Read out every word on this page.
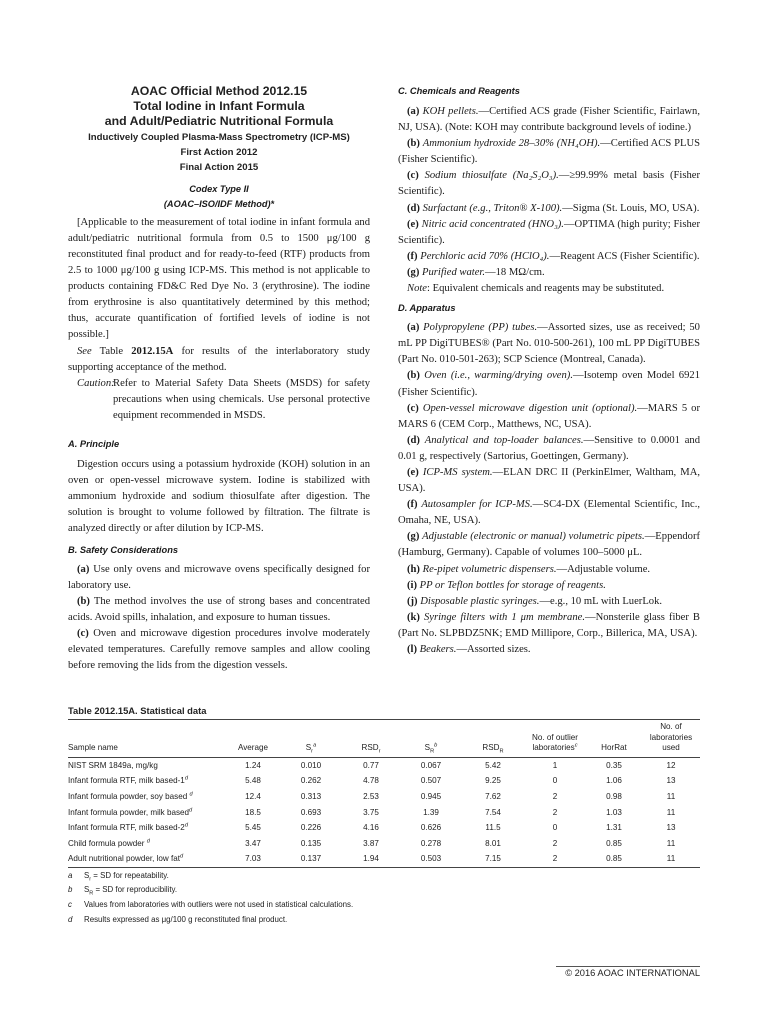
AOAC Official Method 2012.15
Total Iodine in Infant Formula
and Adult/Pediatric Nutritional Formula
Inductively Coupled Plasma-Mass Spectrometry (ICP-MS)
First Action 2012
Final Action 2015
Codex Type II
(AOAC–ISO/IDF Method)*

[Applicable to the measurement of total iodine in infant formula and adult/pediatric nutritional formula from 0.5 to 1500 μg/100 g reconstituted final product and for ready-to-feed (RTF) products from 2.5 to 1000 μg/100 g using ICP-MS. This method is not applicable to products containing FD&C Red Dye No. 3 (erythrosine). The iodine from erythrosine is also quantitatively determined by this method; thus, accurate quantification of fortified levels of iodine is not possible.]

See Table 2012.15A for results of the interlaboratory study supporting acceptance of the method.

Caution:
Refer to Material Safety Data Sheets (MSDS) for safety precautions when using chemicals. Use personal protective equipment recommended in MSDS.

A. Principle

Digestion occurs using a potassium hydroxide (KOH) solution in an oven or open-vessel microwave system. Iodine is stabilized with ammonium hydroxide and sodium thiosulfate after digestion. The solution is brought to volume followed by filtration. The filtrate is analyzed directly or after dilution by ICP-MS.

B. Safety Considerations

(a) Use only ovens and microwave ovens specifically designed for laboratory use.

(b) The method involves the use of strong bases and concentrated acids. Avoid spills, inhalation, and exposure to human tissues.

(c) Oven and microwave digestion procedures involve moderately elevated temperatures. Carefully remove samples and allow cooling before removing the lids from the digestion vessels.

C. Chemicals and Reagents

(a) KOH pellets.—Certified ACS grade (Fisher Scientific, Fairlawn, NJ, USA). (Note: KOH may contribute background levels of iodine.)

(b) Ammonium hydroxide 28–30% (NH₄OH).—Certified ACS PLUS (Fisher Scientific).

(c) Sodium thiosulfate (Na₂S₂O₃).—≥99.99% metal basis (Fisher Scientific).

(d) Surfactant (e.g., Triton® X-100).—Sigma (St. Louis, MO, USA).

(e) Nitric acid concentrated (HNO₃).—OPTIMA (high purity; Fisher Scientific).

(f) Perchloric acid 70% (HClO₄).—Reagent ACS (Fisher Scientific).

(g) Purified water.—18 MΩ/cm.

Note: Equivalent chemicals and reagents may be substituted.

D. Apparatus

(a) Polypropylene (PP) tubes.—Assorted sizes, use as received; 50 mL PP DigiTUBES® (Part No. 010-500-261), 100 mL PP DigiTUBES (Part No. 010-501-263); SCP Science (Montreal, Canada).

(b) Oven (i.e., warming/drying oven).—Isotemp oven Model 6921 (Fisher Scientific).

(c) Open-vessel microwave digestion unit (optional).—MARS 5 or MARS 6 (CEM Corp., Matthews, NC, USA).

(d) Analytical and top-loader balances.—Sensitive to 0.0001 and 0.01 g, respectively (Sartorius, Goettingen, Germany).

(e) ICP-MS system.—ELAN DRC II (PerkinElmer, Waltham, MA, USA).

(f) Autosampler for ICP-MS.—SC4-DX (Elemental Scientific, Inc., Omaha, NE, USA).

(g) Adjustable (electronic or manual) volumetric pipets.—Eppendorf (Hamburg, Germany). Capable of volumes 100–5000 μL.

(h) Re-pipet volumetric dispensers.—Adjustable volume.

(i) PP or Teflon bottles for storage of reagents.

(j) Disposable plastic syringes.—e.g., 10 mL with LuerLok.

(k) Syringe filters with 1 μm membrane.—Nonsterile glass fiber B (Part No. SLPBDZ5NK; EMD Millipore, Corp., Billerica, MA, USA).

(l) Beakers.—Assorted sizes.

Table 2012.15A. Statistical data
Sample name	Average	$S_r^a$	$RSD_r$	$S_R^b$	$RSD_R$	No. of outlier laboratories$^c$	HorRat	No. of laboratories used
NIST SRM 1849a, mg/kg	1.24	0.010	0.77	0.067	5.42	1	0.35	12
Infant formula RTF, milk based-1$^d$	5.48	0.262	4.78	0.507	9.25	0	1.06	13
Infant formula powder, soy based $^d$	12.4	0.313	2.53	0.945	7.62	2	0.98	11
Infant formula powder, milk based$^d$	18.5	0.693	3.75	1.39	7.54	2	1.03	11
Infant formula RTF, milk based-2$^d$	5.45	0.226	4.16	0.626	11.5	0	1.31	13
Child formula powder $^d$	3.47	0.135	3.87	0.278	8.01	2	0.85	11
Adult nutritional powder, low fat$^d$	7.03	0.137	1.94	0.503	7.15	2	0.85	11
a	$S_r$ = SD for repeatability.
b	$S_R$ = SD for reproducibility.
c	Values from laboratories with outliers were not used in statistical calculations.
d	Results expressed as μg/100 g reconstituted final product.
© 2016 AOAC INTERNATIONAL
